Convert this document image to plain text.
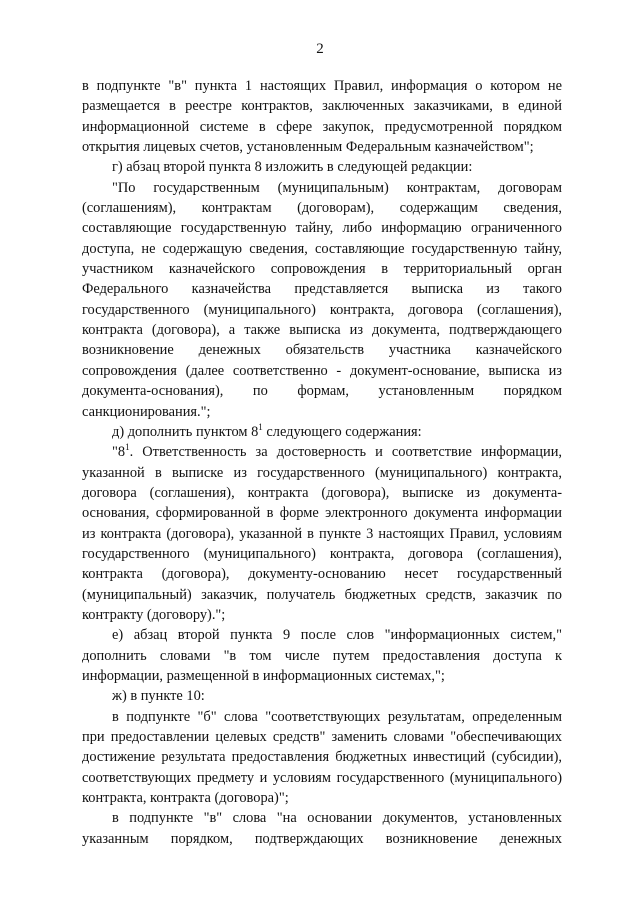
2

в подпункте "в" пункта 1 настоящих Правил, информация о котором не размещается в реестре контрактов, заключенных заказчиками, в единой информационной системе в сфере закупок, предусмотренной порядком открытия лицевых счетов, установленным Федеральным казначейством";

г) абзац второй пункта 8 изложить в следующей редакции:

"По государственным (муниципальным) контрактам, договорам (соглашениям), контрактам (договорам), содержащим сведения, составляющие государственную тайну, либо информацию ограниченного доступа, не содержащую сведения, составляющие государственную тайну, участником казначейского сопровождения в территориальный орган Федерального казначейства представляется выписка из такого государственного (муниципального) контракта, договора (соглашения), контракта (договора), а также выписка из документа, подтверждающего возникновение денежных обязательств участника казначейского сопровождения (далее соответственно - документ-основание, выписка из документа-основания), по формам, установленным порядком санкционирования.";

д) дополнить пунктом $8^1$ следующего содержания:

"$8^1$. Ответственность за достоверность и соответствие информации, указанной в выписке из государственного (муниципального) контракта, договора (соглашения), контракта (договора), выписке из документа-основания, сформированной в форме электронного документа информации из контракта (договора), указанной в пункте 3 настоящих Правил, условиям государственного (муниципального) контракта, договора (соглашения), контракта (договора), документу-основанию несет государственный (муниципальный) заказчик, получатель бюджетных средств, заказчик по контракту (договору).";

е) абзац второй пункта 9 после слов "информационных систем," дополнить словами "в том числе путем предоставления доступа к информации, размещенной в информационных системах,";

ж) в пункте 10:

в подпункте "б" слова "соответствующих результатам, определенным при предоставлении целевых средств" заменить словами "обеспечивающих достижение результата предоставления бюджетных инвестиций (субсидии), соответствующих предмету и условиям государственного (муниципального) контракта, контракта (договора)";

в подпункте "в" слова "на основании документов, установленных указанным порядком, подтверждающих возникновение денежных
